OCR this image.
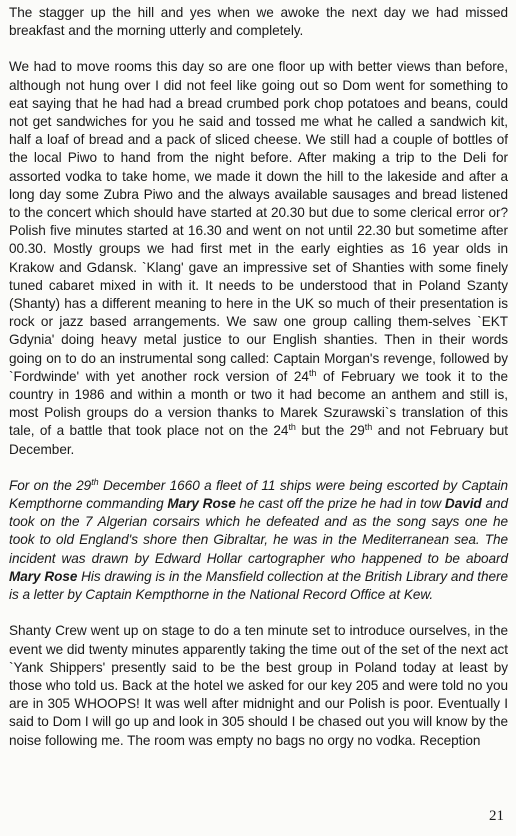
The stagger up the hill and yes when we awoke the next day we had missed breakfast and the morning utterly and completely.

We had to move rooms this day so are one floor up with better views than before, although not hung over I did not feel like going out so Dom went for something to eat saying that he had had a bread crumbed pork chop potatoes and beans, could not get sandwiches for you he said and tossed me what he called a sandwich kit, half a loaf of bread and a pack of sliced cheese. We still had a couple of bottles of the local Piwo to hand from the night before. After making a trip to the Deli for assorted vodka to take home, we made it down the hill to the lakeside and after a long day some Zubra Piwo and the always available sausages and bread listened to the concert which should have started at 20.30 but due to some clerical error or? Polish five minutes started at 16.30 and went on not until 22.30 but sometime after 00.30. Mostly groups we had first met in the early eighties as 16 year olds in Krakow and Gdansk. `Klang' gave an impressive set of Shanties with some finely tuned cabaret mixed in with it. It needs to be understood that in Poland Szanty (Shanty) has a different meaning to here in the UK so much of their presentation is rock or jazz based arrangements. We saw one group calling them-selves `EKT Gdynia' doing heavy metal justice to our English shanties. Then in their words going on to do an instrumental song called: Captain Morgan's revenge, followed by `Fordwinde' with yet another rock version of 24th of February we took it to the country in 1986 and within a month or two it had become an anthem and still is, most Polish groups do a version thanks to Marek Szurawski`s translation of this tale, of a battle that took place not on the 24th but the 29th and not February but December.

For on the 29th December 1660 a fleet of 11 ships were being escorted by Captain Kempthorne commanding Mary Rose he cast off the prize he had in tow David and took on the 7 Algerian corsairs which he defeated and as the song says one he took to old England's shore then Gibraltar, he was in the Mediterranean sea. The incident was drawn by Edward Hollar cartographer who happened to be aboard Mary Rose His drawing is in the Mansfield collection at the British Library and there is a letter by Captain Kempthorne in the National Record Office at Kew.

Shanty Crew went up on stage to do a ten minute set to introduce ourselves, in the event we did twenty minutes apparently taking the time out of the set of the next act `Yank Shippers' presently said to be the best group in Poland today at least by those who told us. Back at the hotel we asked for our key 205 and were told no you are in 305 WHOOPS! It was well after midnight and our Polish is poor. Eventually I said to Dom I will go up and look in 305 should I be chased out you will know by the noise following me. The room was empty no bags no orgy no vodka. Reception

21
